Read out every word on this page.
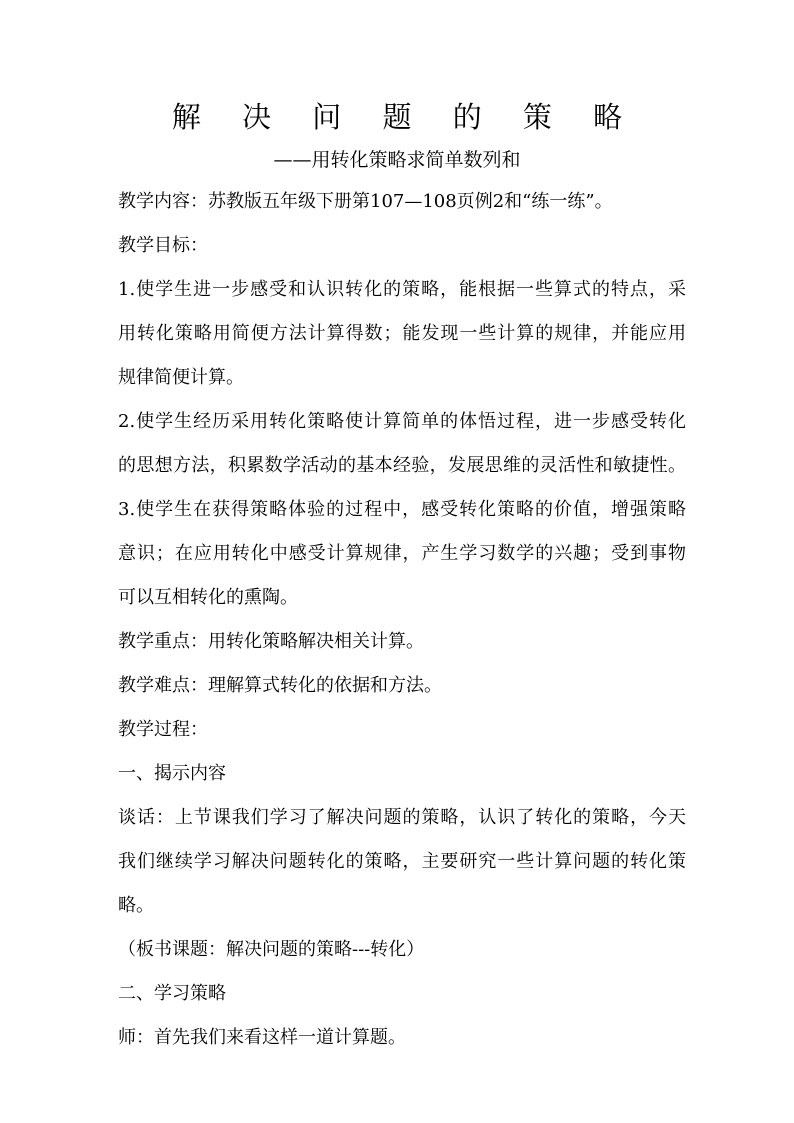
解 决 问 题 的 策 略
——用转化策略求简单数列和
教学内容：苏教版五年级下册第107—108页例2和“练一练”。
教学目标：
1.使学生进一步感受和认识转化的策略，能根据一些算式的特点，采
用转化策略用简便方法计算得数；能发现一些计算的规律，并能应用
规律简便计算。
2.使学生经历采用转化策略使计算简单的体悟过程，进一步感受转化
的思想方法，积累数学活动的基本经验，发展思维的灵活性和敏捷性。
3.使学生在获得策略体验的过程中，感受转化策略的价值，增强策略
意识；在应用转化中感受计算规律，产生学习数学的兴趣；受到事物
可以互相转化的熏陶。
教学重点：用转化策略解决相关计算。
教学难点：理解算式转化的依据和方法。
教学过程：
一、揭示内容
谈话：上节课我们学习了解决问题的策略，认识了转化的策略，今天
我们继续学习解决问题转化的策略，主要研究一些计算问题的转化策
略。
（板书课题：解决问题的策略---转化）
二、学习策略
师：首先我们来看这样一道计算题。
